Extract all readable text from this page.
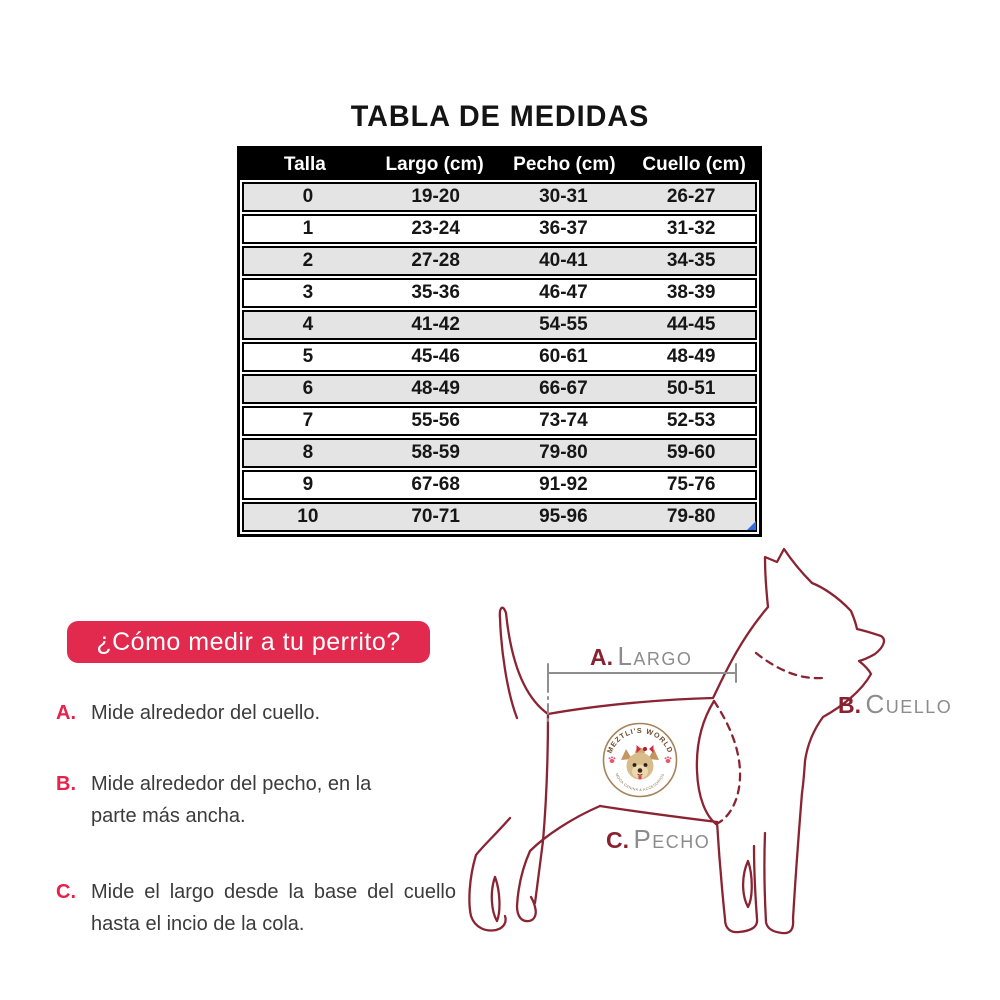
TABLA DE MEDIDAS
Talla	Largo (cm)	Pecho (cm)	Cuello (cm)
0	19-20	30-31	26-27
1	23-24	36-37	31-32
2	27-28	40-41	34-35
3	35-36	46-47	38-39
4	41-42	54-55	44-45
5	45-46	60-61	48-49
6	48-49	66-67	50-51
7	55-56	73-74	52-53
8	58-59	79-80	59-60
9	67-68	91-92	75-76
10	70-71	95-96	79-80
¿Cómo medir a tu perrito?
A. Mide alrededor del cuello.
B. Mide alrededor del pecho, en la parte más ancha.
C. Mide el largo desde la base del cuello hasta el incio de la cola.
A. Largo
B. Cuello
C. Pecho
MEZTLI'S WORLD
MODA CANINA & ACCESORIOS
